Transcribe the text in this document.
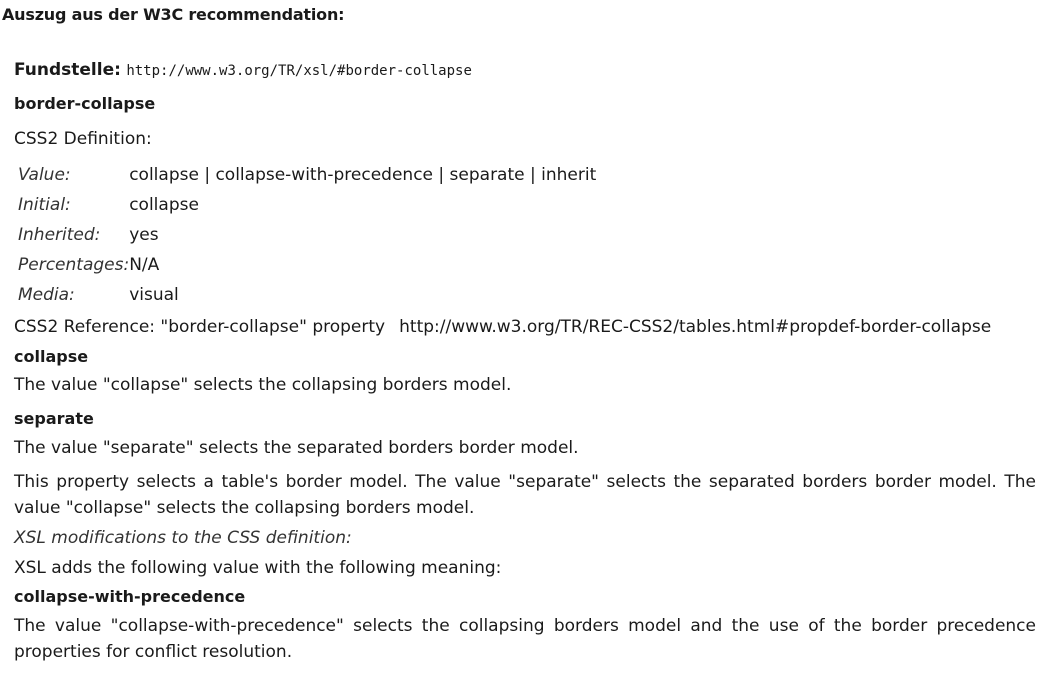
Auszug aus der W3C recommendation:
Fundstelle: http://www.w3.org/TR/xsl/#border-collapse
border-collapse
CSS2 Definition:
Value:	collapse | collapse-with-precedence | separate | inherit
Initial:	collapse
Inherited:	yes
Percentages:	N/A
Media:	visual
CSS2 Reference: "border-collapse" property http://www.w3.org/TR/REC-CSS2/tables.html#propdef-border-collapse
collapse
The value "collapse" selects the collapsing borders model.
separate
The value "separate" selects the separated borders border model.

This property selects a table's border model. The value "separate" selects the separated borders border model. The value "collapse" selects the collapsing borders model.

XSL modifications to the CSS definition:
XSL adds the following value with the following meaning:
collapse-with-precedence

The value "collapse-with-precedence" selects the collapsing borders model and the use of the border precedence properties for conflict resolution.
